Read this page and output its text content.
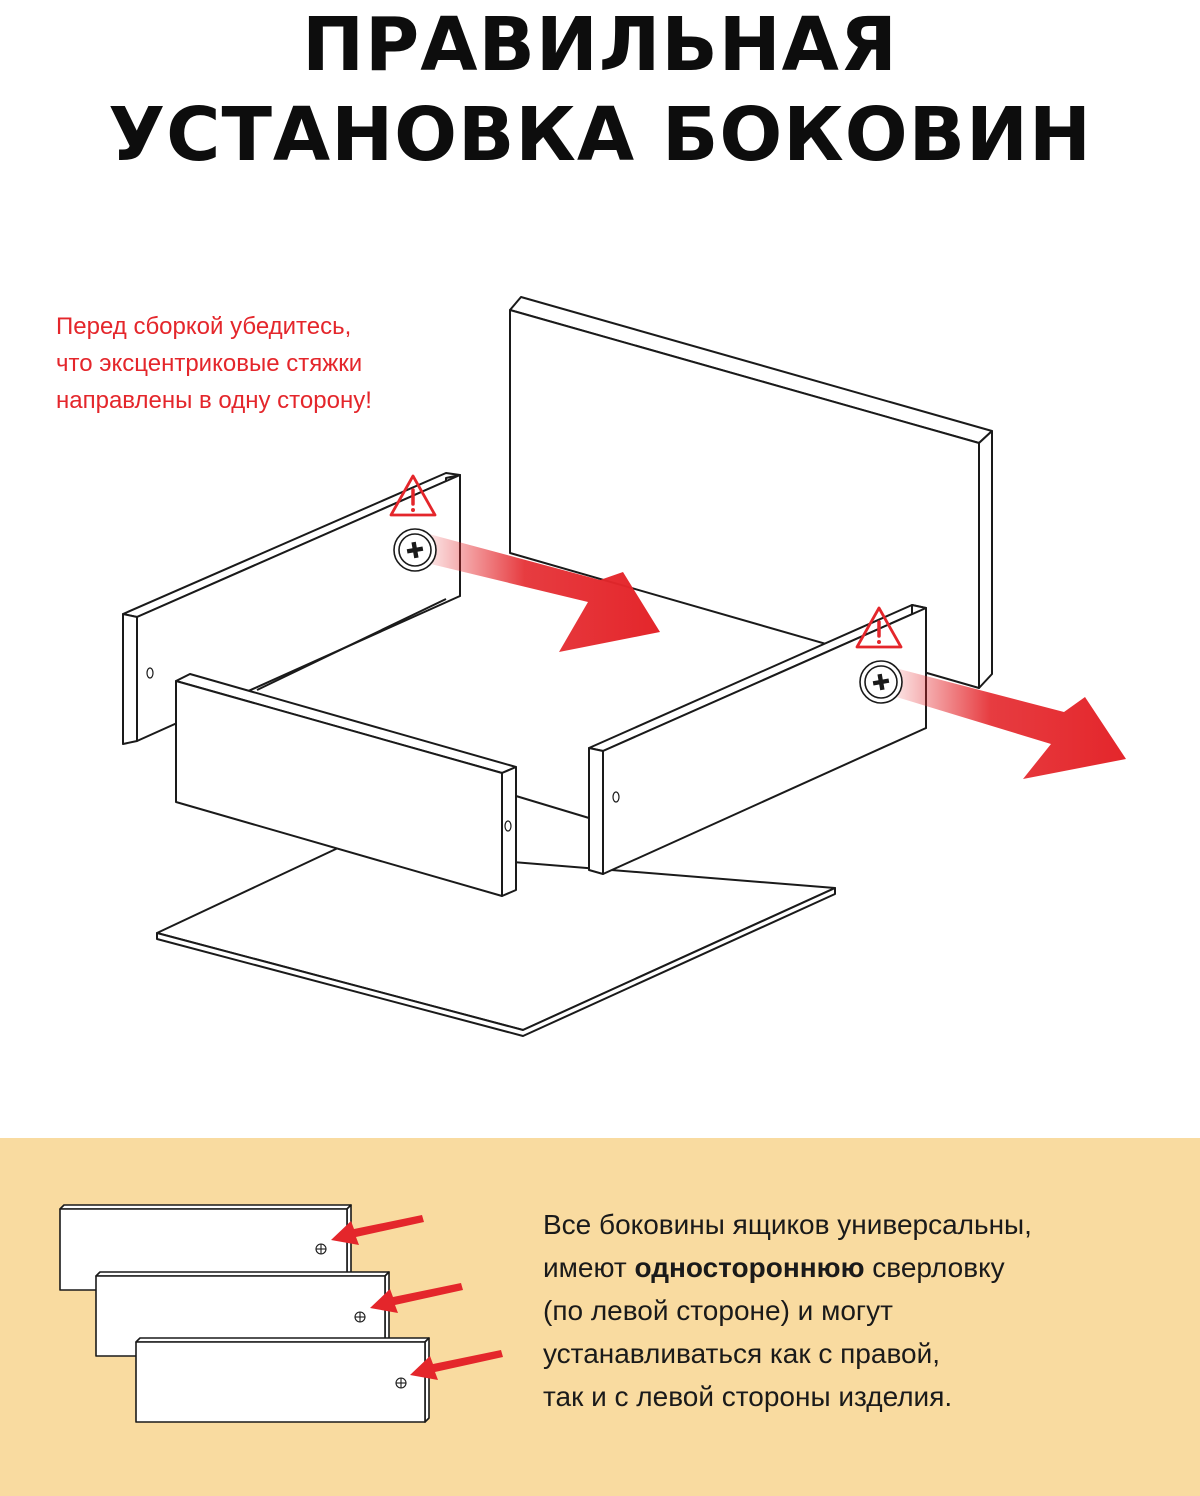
ПРАВИЛЬНАЯ
УСТАНОВКА БОКОВИН
Перед сборкой убедитесь,
что эксцентриковые стяжки
направлены в одну сторону!
Все боковины ящиков универсальны,
имеют одностороннюю сверловку
(по левой стороне) и могут
устанавливаться как с правой,
так и с левой стороны изделия.
